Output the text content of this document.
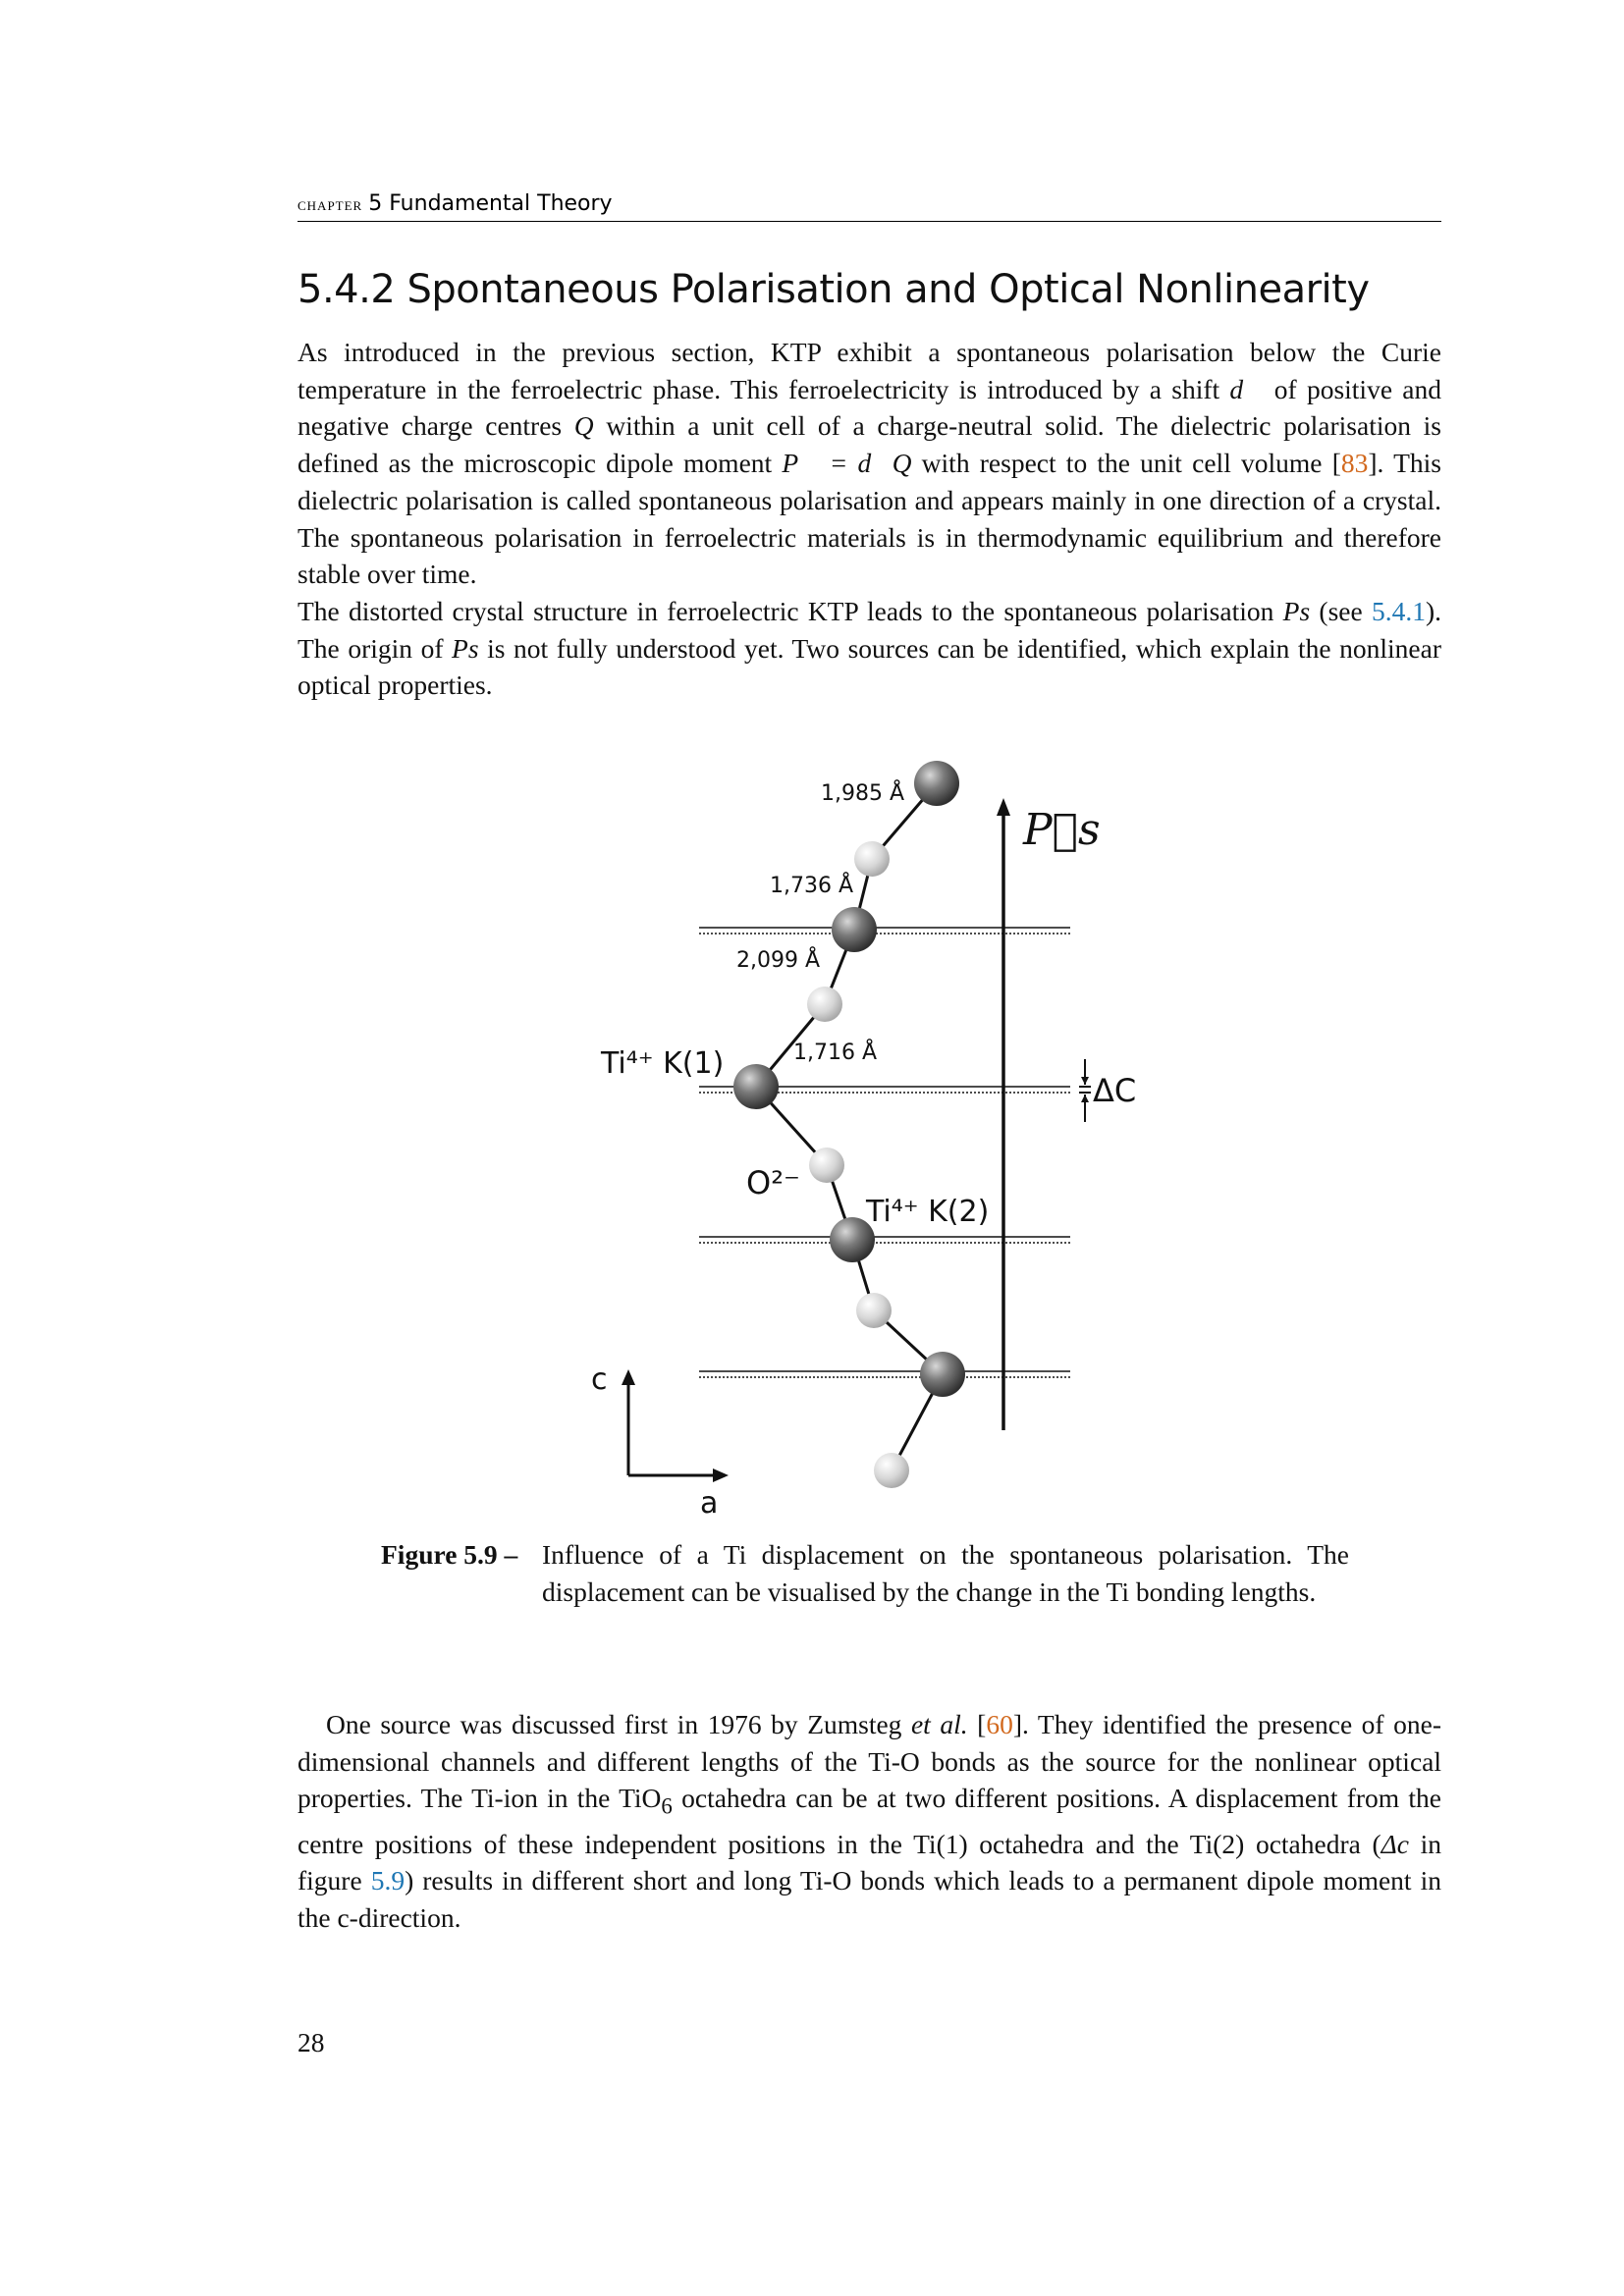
chapter 5 Fundamental Theory
5.4.2 Spontaneous Polarisation and Optical Nonlinearity

As introduced in the previous section, KTP exhibit a spontaneous polarisation below the Curie temperature in the ferroelectric phase. This ferroelectricity is introduced by a shift d⃗ of positive and negative charge centres Q within a unit cell of a charge-neutral solid. The dielectric polarisation is defined as the microscopic dipole moment P⃗ = d⃗Q with respect to the unit cell volume [83]. This dielectric polarisation is called spontaneous polarisation and appears mainly in one direction of a crystal. The spontaneous polarisation in ferroelectric materials is in thermodynamic equilibrium and therefore stable over time.

The distorted crystal structure in ferroelectric KTP leads to the spontaneous polarisation Ps (see 5.4.1). The origin of Ps is not fully understood yet. Two sources can be identified, which explain the nonlinear optical properties.

P⃗s
ΔC
1,985 Å
1,736 Å
2,099 Å
1,716 Å
Ti⁴⁺ K(1)
O²⁻
Ti⁴⁺ K(2)
c
a
Figure 5.9 – Influence of a Ti displacement on the spontaneous polarisation. The displacement can be visualised by the change in the Ti bonding lengths.

One source was discussed first in 1976 by Zumsteg et al. [60]. They identified the presence of one-dimensional channels and different lengths of the Ti-O bonds as the source for the nonlinear optical properties. The Ti-ion in the TiO$_6$ octahedra can be at two different positions. A displacement from the centre positions of these independent positions in the Ti(1) octahedra and the Ti(2) octahedra (Δc in figure 5.9) results in different short and long Ti-O bonds which leads to a permanent dipole moment in the c-direction.

28
